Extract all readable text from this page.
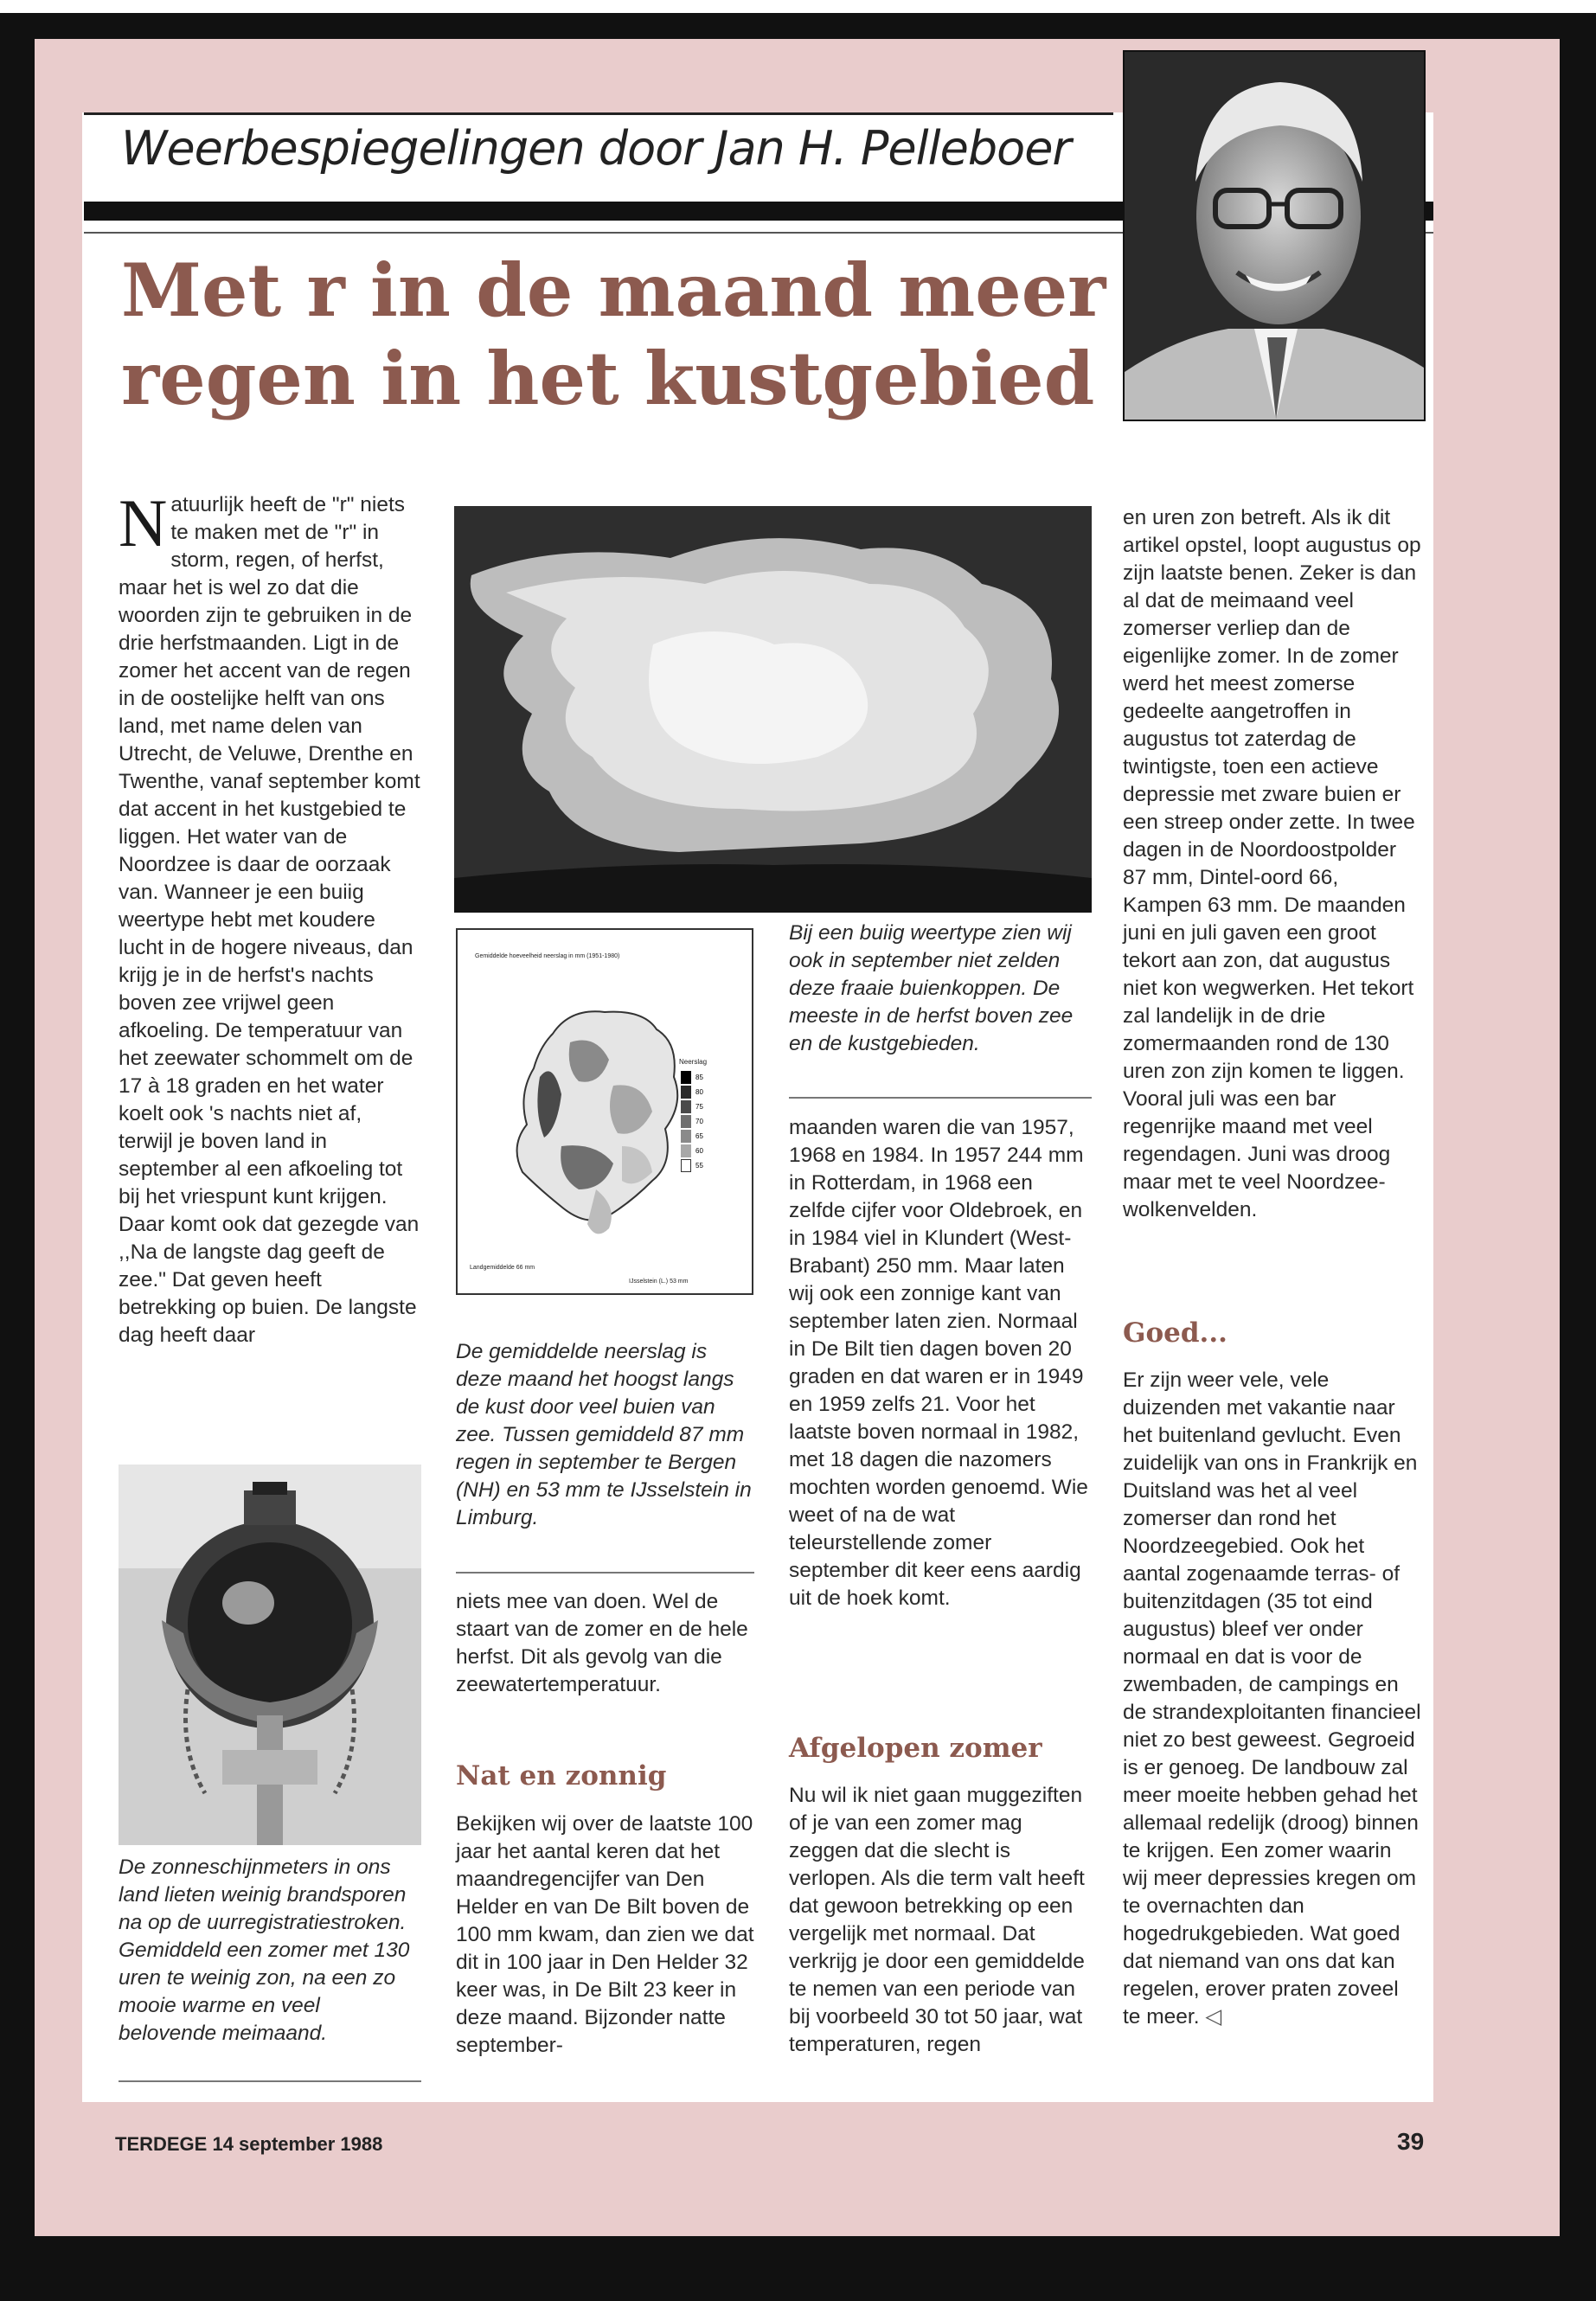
Weerbespiegelingen door Jan H. Pelleboer
Met r in de maand meer
regen in het kustgebied

Natuurlijk heeft de "r" niets te maken met de "r" in storm, regen, of herfst, maar het is wel zo dat die woorden zijn te gebruiken in de drie herfstmaanden. Ligt in de zomer het accent van de regen in de oostelijke helft van ons land, met name delen van Utrecht, de Veluwe, Drenthe en Twenthe, vanaf september komt dat accent in het kustgebied te liggen. Het water van de Noordzee is daar de oorzaak van. Wanneer je een buiig weertype hebt met koudere lucht in de hogere niveaus, dan krijg je in de herfst's nachts boven zee vrijwel geen afkoeling. De temperatuur van het zeewater schommelt om de 17 à 18 graden en het water koelt ook 's nachts niet af, terwijl je boven land in september al een afkoeling tot bij het vriespunt kunt krijgen. Daar komt ook dat gezegde van ,,Na de langste dag geeft de zee." Dat geven heeft betrekking op buien. De langste dag heeft daar

De zonneschijnmeters in ons land lieten weinig brandsporen na op de uurregistratiestroken. Gemiddeld een zomer met 130 uren te weinig zon, na een zo mooie warme en veel belovende meimaand.
Gemiddelde hoeveelheid neerslag in mm (1951-1980)
Neerslag
85
80
75
70
65
60
55
Landgemiddelde 66 mm
IJsselstein (L.) 53 mm
De gemiddelde neerslag is deze maand het hoogst langs de kust door veel buien van zee. Tussen gemiddeld 87 mm regen in september te Bergen (NH) en 53 mm te IJsselstein in Limburg.
niets mee van doen. Wel de staart van de zomer en de hele herfst. Dit als gevolg van die zeewatertemperatuur.
Nat en zonnig
Bekijken wij over de laatste 100 jaar het aantal keren dat het maandregencijfer van Den Helder en van De Bilt boven de 100 mm kwam, dan zien we dat dit in 100 jaar in Den Helder 32 keer was, in De Bilt 23 keer in deze maand. Bijzonder natte september-
Bij een buiig weertype zien wij ook in september niet zelden deze fraaie buienkoppen. De meeste in de herfst boven zee en de kustgebieden.
maanden waren die van 1957, 1968 en 1984. In 1957 244 mm in Rotterdam, in 1968 een zelfde cijfer voor Oldebroek, en in 1984 viel in Klundert (West-Brabant) 250 mm. Maar laten wij ook een zonnige kant van september laten zien. Normaal in De Bilt tien dagen boven 20 graden en dat waren er in 1949 en 1959 zelfs 21. Voor het laatste boven normaal in 1982, met 18 dagen die nazomers mochten worden genoemd. Wie weet of na de wat teleurstellende zomer september dit keer eens aardig uit de hoek komt.
Afgelopen zomer
Nu wil ik niet gaan muggeziften of je van een zomer mag zeggen dat die slecht is verlopen. Als die term valt heeft dat gewoon betrekking op een vergelijk met normaal. Dat verkrijg je door een gemiddelde te nemen van een periode van bij voorbeeld 30 tot 50 jaar, wat temperaturen, regen
en uren zon betreft. Als ik dit artikel opstel, loopt augustus op zijn laatste benen. Zeker is dan al dat de meimaand veel zomerser verliep dan de eigenlijke zomer. In de zomer werd het meest zomerse gedeelte aangetroffen in augustus tot zaterdag de twintigste, toen een actieve depressie met zware buien er een streep onder zette. In twee dagen in de Noordoostpolder 87 mm, Dintel-oord 66, Kampen 63 mm. De maanden juni en juli gaven een groot tekort aan zon, dat augustus niet kon wegwerken. Het tekort zal landelijk in de drie zomermaanden rond de 130 uren zon zijn komen te liggen. Vooral juli was een bar regenrijke maand met veel regendagen. Juni was droog maar met te veel Noordzee-wolkenvelden.
Goed...
Er zijn weer vele, vele duizenden met vakantie naar het buitenland gevlucht. Even zuidelijk van ons in Frankrijk en Duitsland was het al veel zomerser dan rond het Noordzeegebied. Ook het aantal zogenaamde terras- of buitenzitdagen (35 tot eind augustus) bleef ver onder normaal en dat is voor de zwembaden, de campings en de strandexploitanten financieel niet zo best geweest. Gegroeid is er genoeg. De landbouw zal meer moeite hebben gehad het allemaal redelijk (droog) binnen te krijgen. Een zomer waarin wij meer depressies kregen om te overnachten dan hogedrukgebieden. Wat goed dat niemand van ons dat kan regelen, erover praten zoveel te meer. ◁
TERDEGE 14 september 1988	39
